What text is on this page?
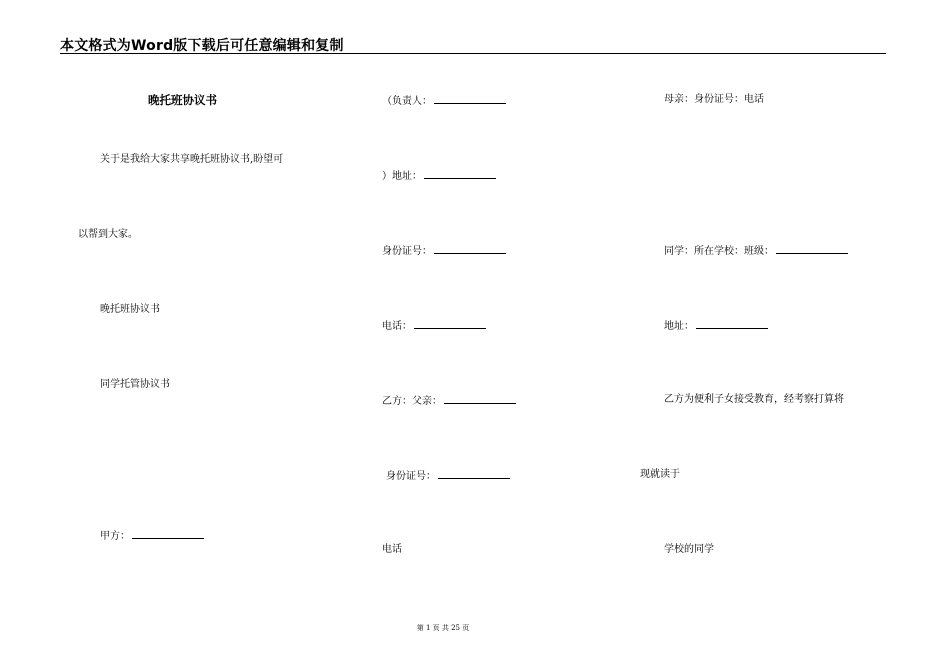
本文格式为Word版下载后可任意编辑和复制
晚托班协议书
关于是我给大家共享晚托班协议书,盼望可
以帮到大家。
晚托班协议书
同学托管协议书
甲方：
（负责人：
）地址：
身份证号：
电话：
乙方：父亲：
身份证号：
电话
母亲：身份证号：电话
同学：所在学校：班级：
地址：
乙方为便利子女接受教育，经考察打算将
现就读于
学校的同学
第 1 页 共 25 页
